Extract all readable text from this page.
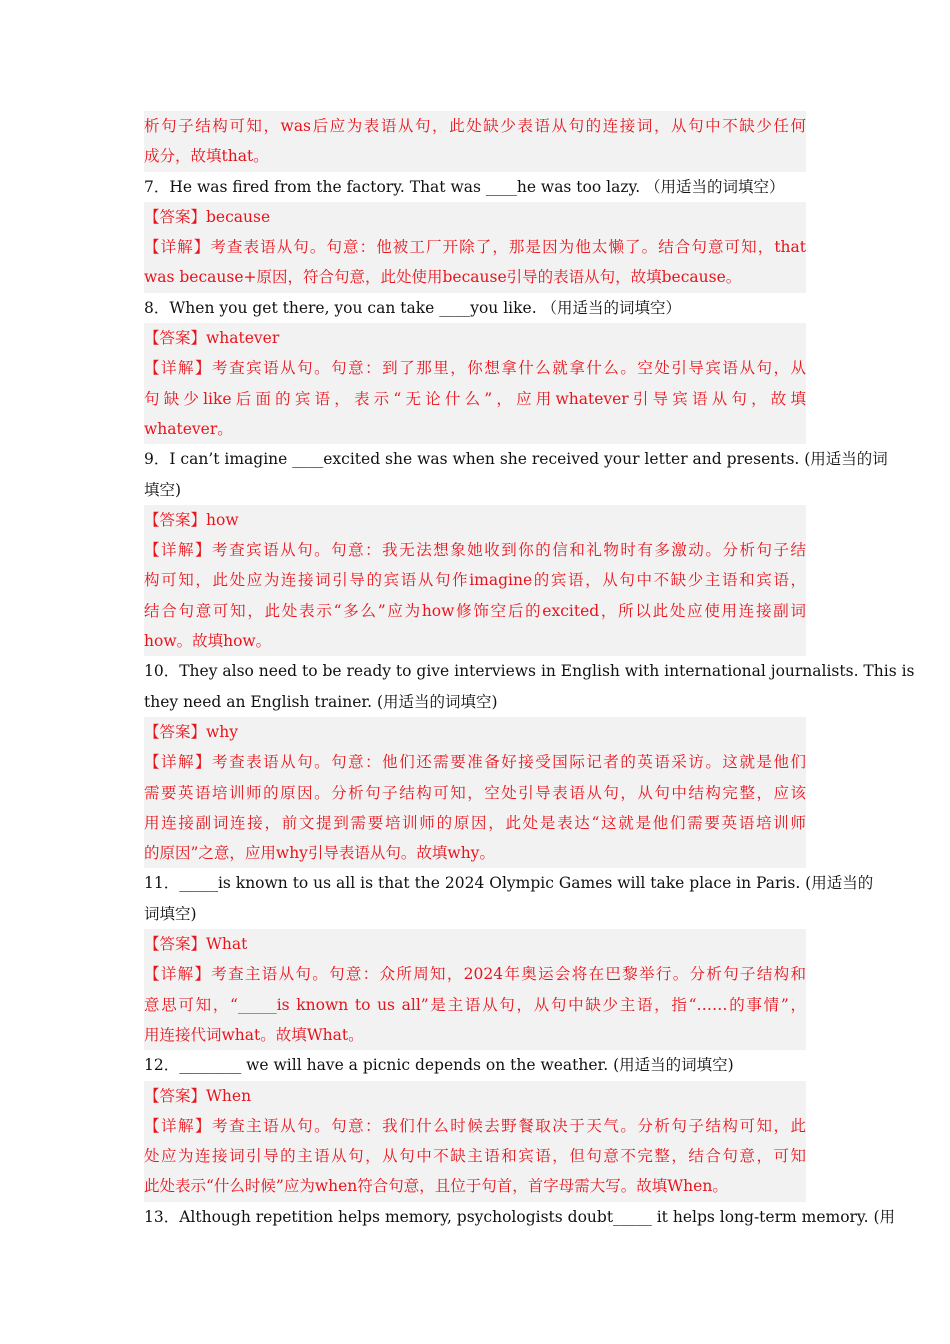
析句子结构可知，was后应为表语从句，此处缺少表语从句的连接词，从句中不缺少任何
成分，故填that。
7．He was fired from the factory. That was ____he was too lazy. （用适当的词填空）
【答案】because
【详解】考查表语从句。句意：他被工厂开除了，那是因为他太懒了。结合句意可知，that
was because+原因，符合句意，此处使用because引导的表语从句，故填because。
8．When you get there, you can take ____you like. （用适当的词填空）
【答案】whatever
【详解】考查宾语从句。句意：到了那里，你想拿什么就拿什么。空处引导宾语从句，从
句缺少like后面的宾语，表示“无论什么”，应用whatever引导宾语从句，故填
whatever。
9．I can’t imagine ____excited she was when she received your letter and presents. (用适当的词
填空)
【答案】how
【详解】考查宾语从句。句意：我无法想象她收到你的信和礼物时有多激动。分析句子结
构可知，此处应为连接词引导的宾语从句作imagine的宾语，从句中不缺少主语和宾语，
结合句意可知，此处表示“多么”应为how修饰空后的excited，所以此处应使用连接副词
how。故填how。
10．They also need to be ready to give interviews in English with international journalists. This is
they need an English trainer. (用适当的词填空)
【答案】why
【详解】考查表语从句。句意：他们还需要准备好接受国际记者的英语采访。这就是他们
需要英语培训师的原因。分析句子结构可知，空处引导表语从句，从句中结构完整，应该
用连接副词连接，前文提到需要培训师的原因，此处是表达“这就是他们需要英语培训师
的原因”之意，应用why引导表语从句。故填why。
11．_____is known to us all is that the 2024 Olympic Games will take place in Paris. (用适当的
词填空)
【答案】What
【详解】考查主语从句。句意：众所周知，2024年奥运会将在巴黎举行。分析句子结构和
意思可知，“_____is known to us all”是主语从句，从句中缺少主语，指“……的事情”，
用连接代词what。故填What。
12．________ we will have a picnic depends on the weather. (用适当的词填空)
【答案】When
【详解】考查主语从句。句意：我们什么时候去野餐取决于天气。分析句子结构可知，此
处应为连接词引导的主语从句，从句中不缺主语和宾语，但句意不完整，结合句意，可知
此处表示“什么时候”应为when符合句意，且位于句首，首字母需大写。故填When。
13．Although repetition helps memory, psychologists doubt_____ it helps long-term memory. (用
